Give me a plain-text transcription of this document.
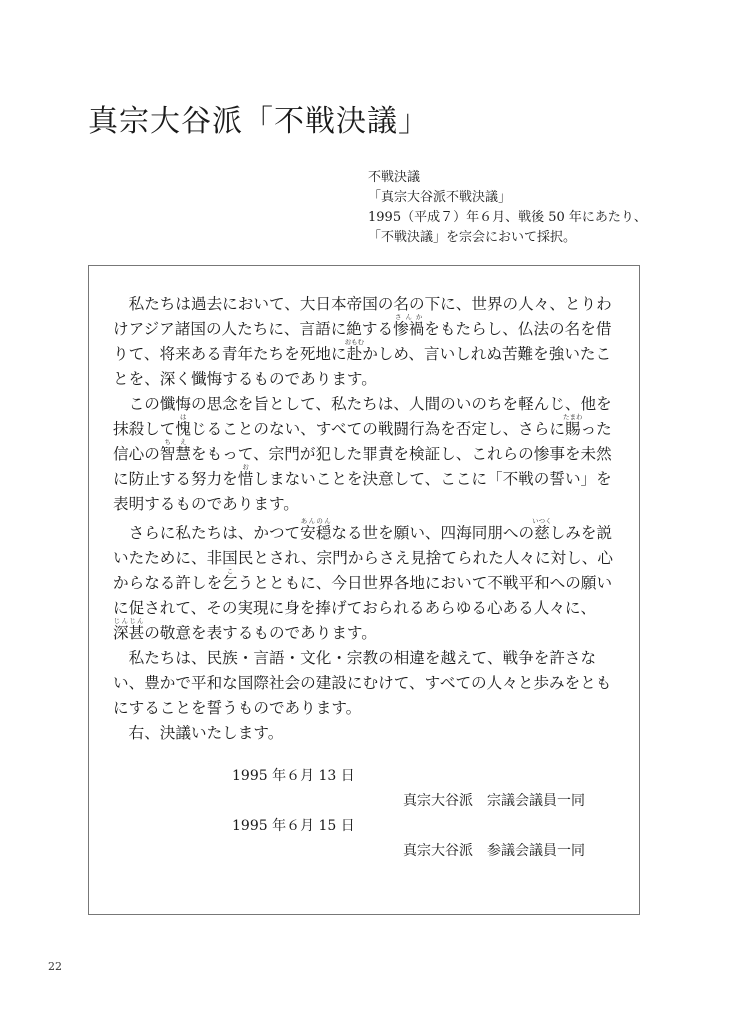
真宗大谷派「不戦決議」
不戦決議
「真宗大谷派不戦決議」
1995（平成７）年６月、戦後 50 年にあたり、
「不戦決議」を宗会において採択。

私たちは過去において、大日本帝国の名の下に、世界の人々、とりわけアジア諸国の人たちに、言語に絶する惨禍さんかをもたらし、仏法の名を借りて、将来ある青年たちを死地に赴おもむかしめ、言いしれぬ苦難を強いたことを、深く懺悔するものであります。

この懺悔の思念を旨として、私たちは、人間のいのちを軽んじ、他を抹殺して愧はじることのない、すべての戦闘行為を否定し、さらに賜たまわった信心の智慧ちえをもって、宗門が犯した罪責を検証し、これらの惨事を未然に防止する努力を惜おしまないことを決意して、ここに「不戦の誓い」を表明するものであります。

さらに私たちは、かつて安穏あんのんなる世を願い、四海同朋への慈いつくしみを説いたために、非国民とされ、宗門からさえ見捨てられた人々に対し、心からなる許しを乞こうとともに、今日世界各地において不戦平和への願いに促されて、その実現に身を捧げておられるあらゆる心ある人々に、深甚じんじんの敬意を表するものであります。

私たちは、民族・言語・文化・宗教の相違を越えて、戦争を許さない、豊かで平和な国際社会の建設にむけて、すべての人々と歩みをともにすることを誓うものであります。

右、決議いたします。

1995 年６月 13 日
真宗大谷派　宗議会議員一同
1995 年６月 15 日
真宗大谷派　参議会議員一同
22
